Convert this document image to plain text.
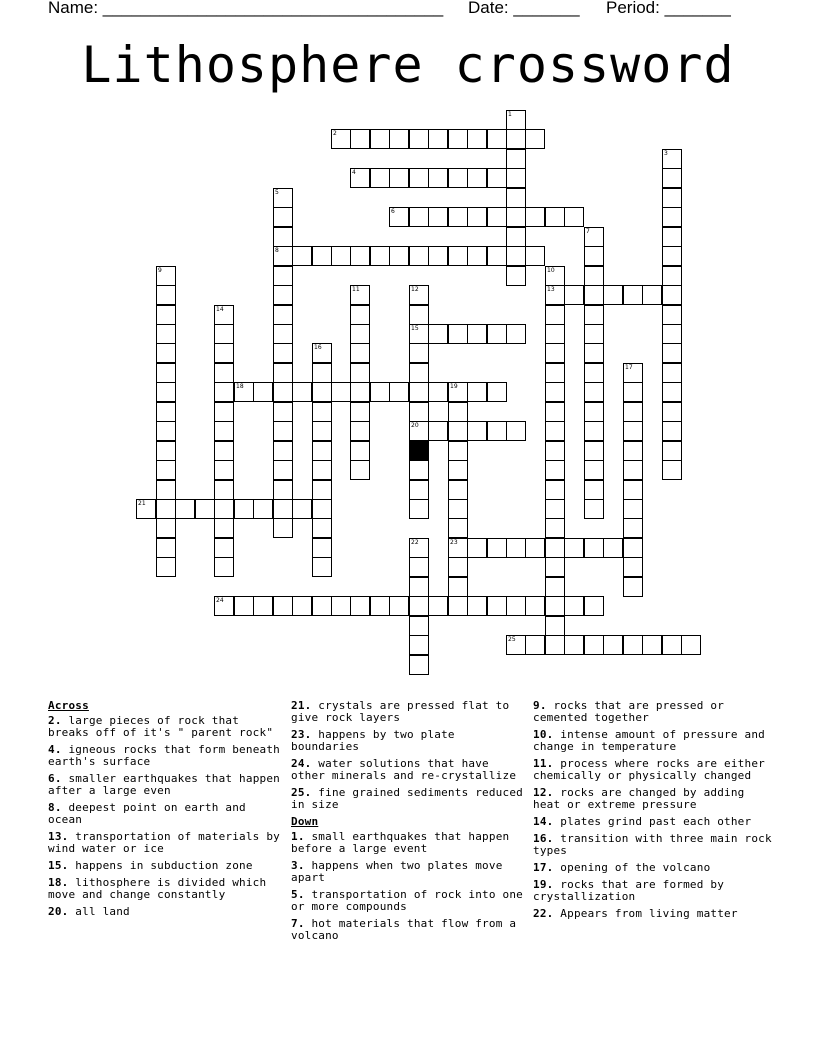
Name: ____________________________________ Date: _______ Period: _______
Lithosphere crossword
1
2
3
4
5
8
6
7
9	10
13
11	12
15
20
14
16
17
18	19
23
21
22
24
25
Across
2. large pieces of rock that breaks off of it's " parent rock"
4. igneous rocks that form beneath earth's surface
6. smaller earthquakes that happen after a large even
8. deepest point on earth and ocean
13. transportation of materials by wind water or ice
15. happens in subduction zone
18. lithosphere is divided which move and change constantly
20. all land
21. crystals are pressed flat to give rock layers
23. happens by two plate boundaries
24. water solutions that have other minerals and re-crystallize
25. fine grained sediments reduced in size
Down
1. small earthquakes that happen before a large event
3. happens when two plates move apart
5. transportation of rock into one or more compounds
7. hot materials that flow from a volcano
9. rocks that are pressed or cemented together
10. intense amount of pressure and change in temperature
11. process where rocks are either chemically or physically changed
12. rocks are changed by adding heat or extreme pressure
14. plates grind past each other
16. transition with three main rock types
17. opening of the volcano
19. rocks that are formed by crystallization
22. Appears from living matter
